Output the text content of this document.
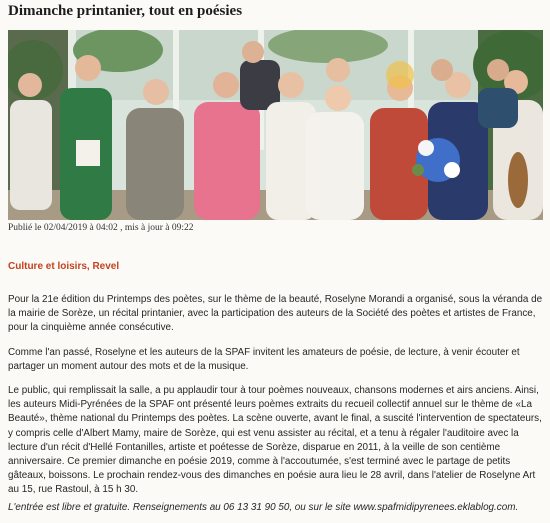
Dimanche printanier, tout en poésies
Publié le 02/04/2019 à 04:02 , mis à jour à 09:22
Culture et loisirs, Revel

Pour la 21e édition du Printemps des poètes, sur le thème de la beauté, Roselyne Morandi a organisé, sous la véranda de la mairie de Sorèze, un récital printanier, avec la participation des auteurs de la Société des poètes et artistes de France, pour la cinquième année consécutive.

Comme l'an passé, Roselyne et les auteurs de la SPAF invitent les amateurs de poésie, de lecture, à venir écouter et partager un moment autour des mots et de la musique.

Le public, qui remplissait la salle, a pu applaudir tour à tour poèmes nouveaux, chansons modernes et airs anciens. Ainsi, les auteurs Midi-Pyrénées de la SPAF ont présenté leurs poèmes extraits du recueil collectif annuel sur le thème de «La Beauté», thème national du Printemps des poètes. La scène ouverte, avant le final, a suscité l'intervention de spectateurs, y compris celle d'Albert Mamy, maire de Sorèze, qui est venu assister au récital, et a tenu à régaler l'auditoire avec la lecture d'un récit d'Hellé Fontanilles, artiste et poétesse de Sorèze, disparue en 2011, à la veille de son centième anniversaire. Ce premier dimanche en poésie 2019, comme à l'accoutumée, s'est terminé avec le partage de petits gâteaux, boissons. Le prochain rendez-vous des dimanches en poésie aura lieu le 28 avril, dans l'atelier de Roselyne Art au 15, rue Rastoul, à 15 h 30.

L'entrée est libre et gratuite. Renseignements au 06 13 31 90 50, ou sur le site www.spafmidipyrenees.eklablog.com.
